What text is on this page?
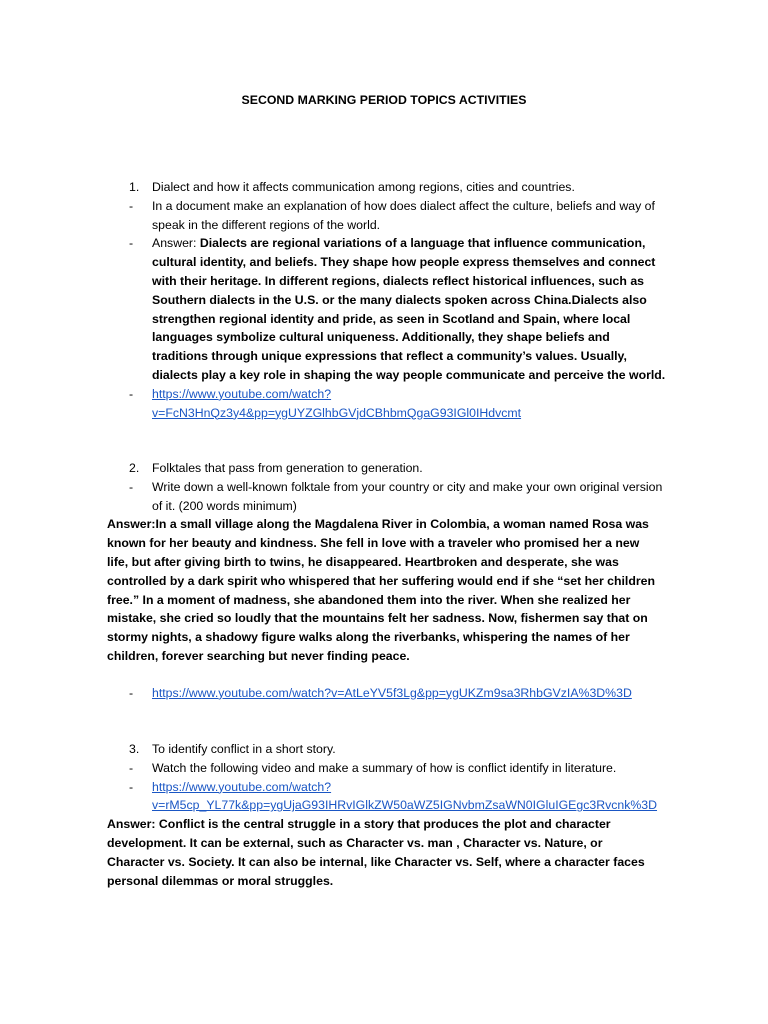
SECOND MARKING PERIOD TOPICS ACTIVITIES
1.	Dialect and how it affects communication among regions, cities and countries.
-	In a document make an explanation of how does dialect affect the culture, beliefs and way of speak in the different regions of the world.
-	Answer: Dialects are regional variations of a language that influence communication, cultural identity, and beliefs. They shape how people express themselves and connect with their heritage. In different regions, dialects reflect historical influences, such as Southern dialects in the U.S. or the many dialects spoken across China.Dialects also strengthen regional identity and pride, as seen in Scotland and Spain, where local languages symbolize cultural uniqueness. Additionally, they shape beliefs and traditions through unique expressions that reflect a community’s values. Usually, dialects play a key role in shaping the way people communicate and perceive the world.
-	https://www.youtube.com/watch?
v=FcN3HnQz3y4&pp=ygUYZGlhbGVjdCBhbmQgaG93IGl0IHdvcmt
2.	Folktales that pass from generation to generation.
-	Write down a well-known folktale from your country or city and make your own original version of it. (200 words minimum)
Answer:In a small village along the Magdalena River in Colombia, a woman named Rosa was known for her beauty and kindness. She fell in love with a traveler who promised her a new life, but after giving birth to twins, he disappeared. Heartbroken and desperate, she was controlled by a dark spirit who whispered that her suffering would end if she “set her children free.” In a moment of madness, she abandoned them into the river. When she realized her mistake, she cried so loudly that the mountains felt her sadness. Now, fishermen say that on stormy nights, a shadowy figure walks along the riverbanks, whispering the names of her children, forever searching but never finding peace.
-	https://www.youtube.com/watch?v=AtLeYV5f3Lg&pp=ygUKZm9sa3RhbGVzIA%3D%3D
3.	To identify conflict in a short story.
-	Watch the following video and make a summary of how is conflict identify in literature.
-	https://www.youtube.com/watch?
v=rM5cp_YL77k&pp=ygUjaG93IHRvIGlkZW50aWZ5IGNvbmZsaWN0IGluIGEgc3Rvcnk%3D
Answer: Conflict is the central struggle in a story that produces the plot and character development. It can be external, such as Character vs. man , Character vs. Nature, or Character vs. Society. It can also be internal, like Character vs. Self, where a character faces personal dilemmas or moral struggles.
